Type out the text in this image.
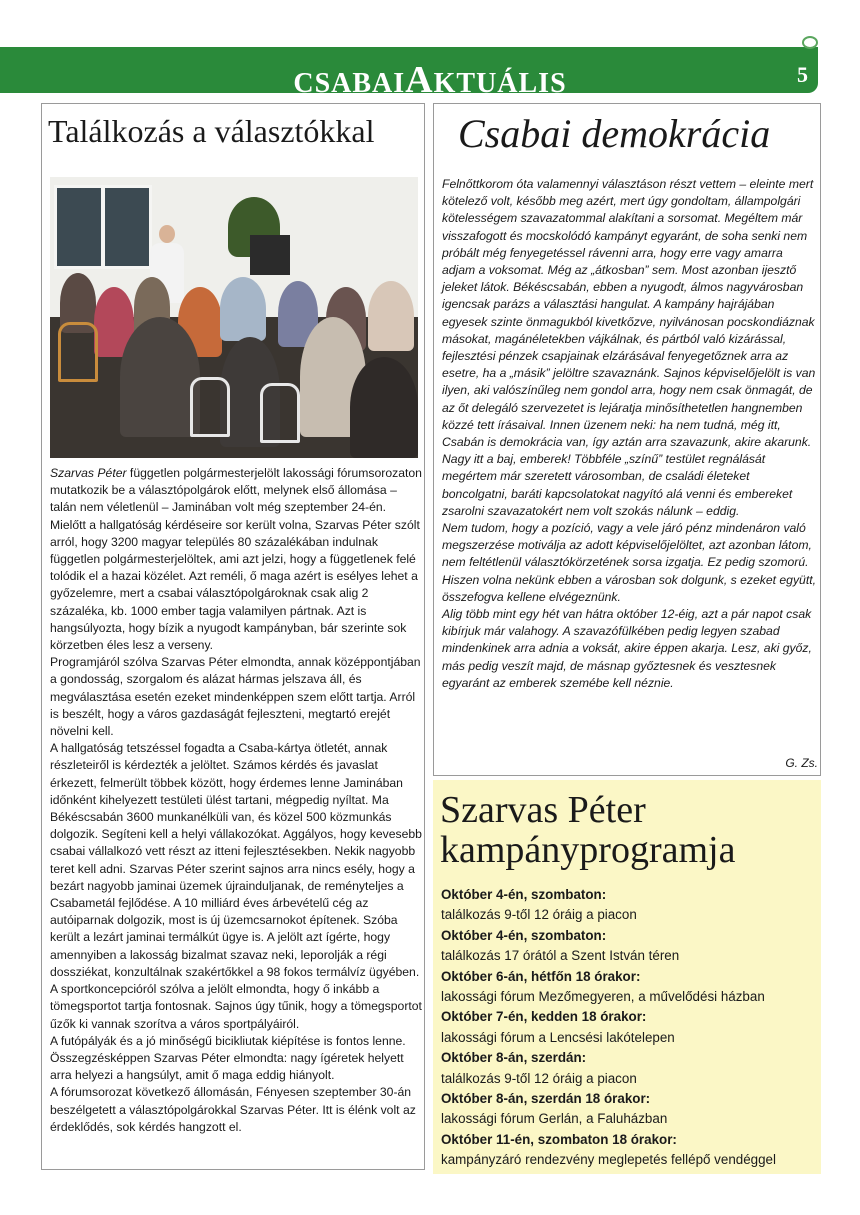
CSABAIAKTUÁLIS	5
Találkozás a választókkal

Szarvas Péter független polgármesterjelölt lakossági fórumsorozaton mutatkozik be a választópolgárok előtt, melynek első állomása – talán nem véletlenül – Jaminában volt még szeptember 24-én. Mielőtt a hallgatóság kérdéseire sor került volna, Szarvas Péter szólt arról, hogy 3200 magyar település 80 százalékában indulnak független polgármesterjelöltek, ami azt jelzi, hogy a függetlenek felé tolódik el a hazai közélet. Azt reméli, ő maga azért is esélyes lehet a győzelemre, mert a csabai választópolgároknak csak alig 2 százaléka, kb. 1000 ember tagja valamilyen pártnak. Azt is hangsúlyozta, hogy bízik a nyugodt kampányban, bár szerinte sok körzetben éles lesz a verseny.

Programjáról szólva Szarvas Péter elmondta, annak középpontjában a gondosság, szorgalom és alázat hármas jelszava áll, és megválasztása esetén ezeket mindenképpen szem előtt tartja. Arról is beszélt, hogy a város gazdaságát fejleszteni, megtartó erejét növelni kell.

A hallgatóság tetszéssel fogadta a Csaba-kártya ötletét, annak részleteiről is kérdezték a jelöltet. Számos kérdés és javaslat érkezett, felmerült többek között, hogy érdemes lenne Jaminában időnként kihelyezett testületi ülést tartani, mégpedig nyíltat. Ma Békéscsabán 3600 munkanélküli van, és közel 500 közmunkás dolgozik. Segíteni kell a helyi vállakozókat. Aggályos, hogy kevesebb csabai vállalkozó vett részt az itteni fejlesztésekben. Nekik nagyobb teret kell adni. Szarvas Péter szerint sajnos arra nincs esély, hogy a bezárt nagyobb jaminai üzemek újrainduljanak, de reményteljes a Csabametál fejlődése. A 10 milliárd éves árbevételű cég az autóiparnak dolgozik, most is új üzemcsarnokot építenek. Szóba került a lezárt jaminai termálkút ügye is. A jelölt azt ígérte, hogy amennyiben a lakosság bizalmat szavaz neki, leporolják a régi dossziékat, konzultálnak szakértőkkel a 98 fokos termálvíz ügyében.

A sportkoncepcióról szólva a jelölt elmondta, hogy ő inkább a tömegsportot tartja fontosnak. Sajnos úgy tűnik, hogy a tömegsportot űzők ki vannak szorítva a város sportpályáiról.

A futópályák és a jó minőségű bicikliutak kiépítése is fontos lenne. Összegzésképpen Szarvas Péter elmondta: nagy ígéretek helyett arra helyezi a hangsúlyt, amit ő maga eddig hiányolt.

A fórumsorozat következő állomásán, Fényesen szeptember 30-án beszélgetett a választópolgárokkal Szarvas Péter. Itt is élénk volt az érdeklődés, sok kérdés hangzott el.

Csabai demokrácia

Felnőttkorom óta valamennyi választáson részt vettem – eleinte mert kötelező volt, később meg azért, mert úgy gondoltam, állampolgári kötelességem szavazatommal alakítani a sorsomat. Megéltem már visszafogott és mocskolódó kampányt egyaránt, de soha senki nem próbált még fenyegetéssel rávenni arra, hogy erre vagy amarra adjam a voksomat. Még az „átkosban” sem. Most azonban ijesztő jeleket látok. Békéscsabán, ebben a nyugodt, álmos nagyvárosban igencsak parázs a választási hangulat. A kampány hajrájában egyesek szinte önmagukból kivetkőzve, nyilvánosan pocskondiáznak másokat, magánéletekben vájkálnak, és pártból való kizárással, fejlesztési pénzek csapjainak elzárásával fenyegetőznek arra az esetre, ha a „másik” jelöltre szavaznánk. Sajnos képviselőjelölt is van ilyen, aki valószínűleg nem gondol arra, hogy nem csak önmagát, de az őt delegáló szervezetet is lejáratja minősíthetetlen hangnemben közzé tett írásaival. Innen üzenem neki: ha nem tudná, még itt, Csabán is demokrácia van, így aztán arra szavazunk, akire akarunk.

Nagy itt a baj, emberek! Többféle „színű” testület regnálását megértem már szeretett városomban, de családi életeket boncolgatni, baráti kapcsolatokat nagyító alá venni és embereket zsarolni szavazatokért nem volt szokás nálunk – eddig.

Nem tudom, hogy a pozíció, vagy a vele járó pénz mindenáron való megszerzése motiválja az adott képviselőjelöltet, azt azonban látom, nem feltétlenül választókörzetének sorsa izgatja. Ez pedig szomorú. Hiszen volna nekünk ebben a városban sok dolgunk, s ezeket együtt, összefogva kellene elvégeznünk.

Alig több mint egy hét van hátra október 12-éig, azt a pár napot csak kibírjuk már valahogy. A szavazófülkében pedig legyen szabad mindenkinek arra adnia a voksát, akire éppen akarja. Lesz, aki győz, más pedig veszít majd, de másnap győztesnek és vesztesnek egyaránt az emberek szemébe kell néznie.

G. Zs.
Szarvas Péter kampányprogramja
Október 4-én, szombaton:
találkozás 9-től 12 óráig a piacon
Október 4-én, szombaton:
találkozás 17 órától a Szent István téren
Október 6-án, hétfőn 18 órakor:
lakossági fórum Mezőmegyeren, a művelődési házban
Október 7-én, kedden 18 órakor:
lakossági fórum a Lencsési lakótelepen
Október 8-án, szerdán:
találkozás 9-től 12 óráig a piacon
Október 8-án, szerdán 18 órakor:
lakossági fórum Gerlán, a Faluházban
Október 11-én, szombaton 18 órakor:
kampányzáró rendezvény meglepetés fellépő vendéggel
